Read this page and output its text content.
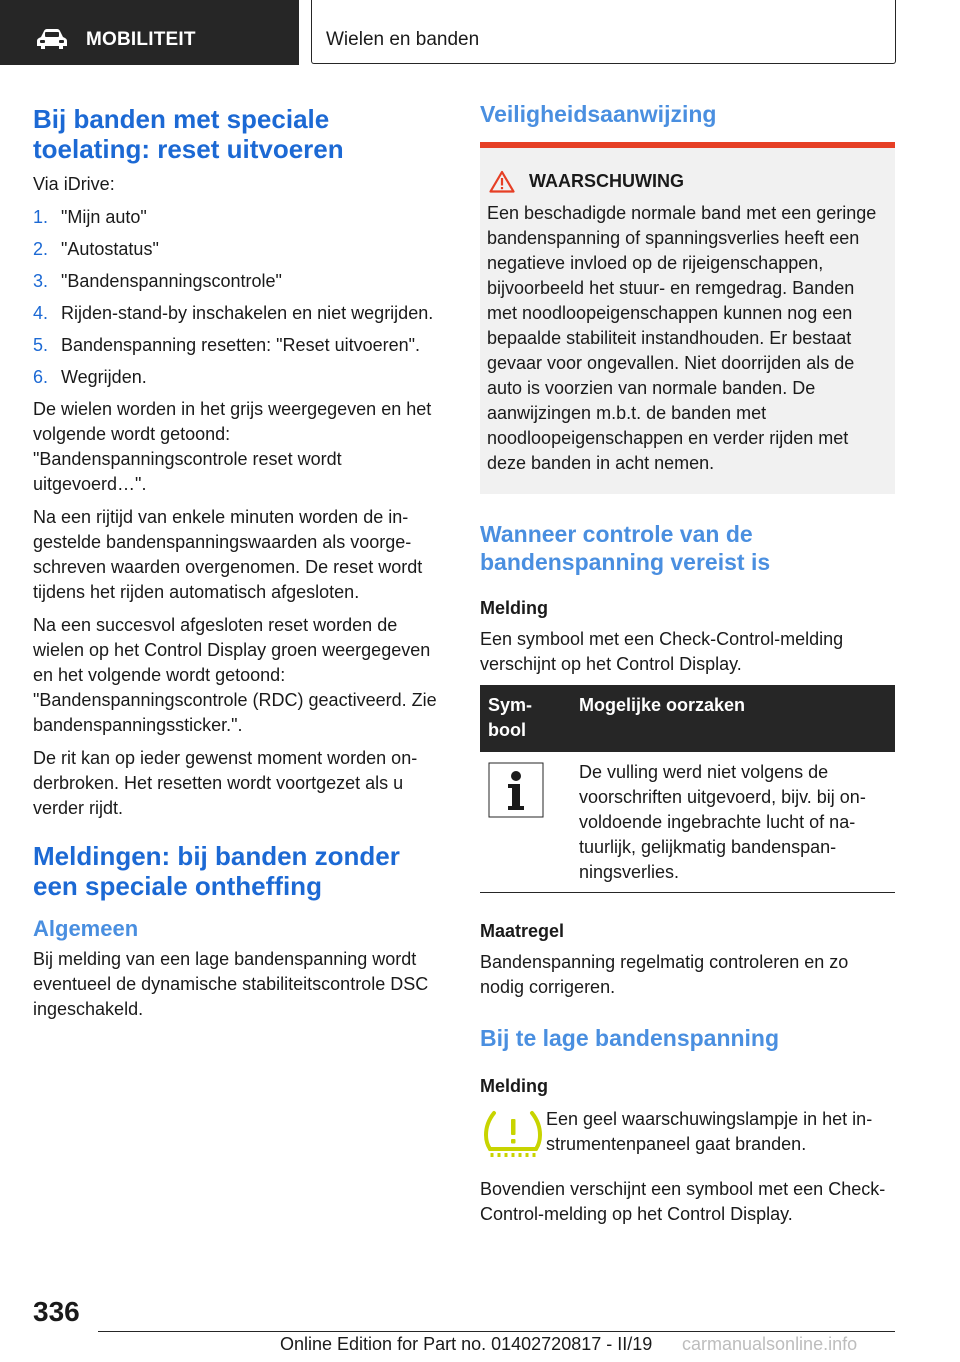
MOBILITEIT	Wielen en banden
Bij banden met speciale toelating: reset uitvoeren

Via iDrive:

1. "Mijn auto"
2. "Autostatus"
3. "Bandenspanningscontrole"
4. Rijden-stand-by inschakelen en niet wegrijden.
5. Bandenspanning resetten: "Reset uitvoeren".
6. Wegrijden.

De wielen worden in het grijs weergegeven en het volgende wordt getoond: "Bandenspanningscontrole reset wordt uitgevoerd…".

Na een rijtijd van enkele minuten worden de ingestelde bandenspanningswaarden als voorgeschreven waarden overgenomen. De reset wordt tijdens het rijden automatisch afgesloten.

Na een succesvol afgesloten reset worden de wielen op het Control Display groen weergegeven en het volgende wordt getoond: "Bandenspanningscontrole (RDC) geactiveerd. Zie bandenspanningssticker.".

De rit kan op ieder gewenst moment worden onderbroken. Het resetten wordt voortgezet als u verder rijdt.

Meldingen: bij banden zonder een speciale ontheffing
Algemeen

Bij melding van een lage bandenspanning wordt eventueel de dynamische stabiliteitscontrole DSC ingeschakeld.

Veiligheidsaanwijzing
WAARSCHUWING

Een beschadigde normale band met een geringe bandenspanning of spanningsverlies heeft een negatieve invloed op de rijeigenschappen, bijvoorbeeld het stuur- en remgedrag. Banden met noodloopeigenschappen kunnen nog een bepaalde stabiliteit instandhouden. Er bestaat gevaar voor ongevallen. Niet doorrijden als de auto is voorzien van normale banden. De aanwijzingen m.b.t. de banden met noodloopeigenschappen en verder rijden met deze banden in acht nemen.

Wanneer controle van de bandenspanning vereist is

Melding

Een symbool met een Check-Control-melding verschijnt op het Control Display.

Symbool	Mogelijke oorzaken
	De vulling werd niet volgens de voorschriften uitgevoerd, bijv. bij onvoldoende ingebrachte lucht of natuurlijk, gelijkmatig bandenspanningsverlies.

Maatregel

Bandenspanning regelmatig controleren en zo nodig corrigeren.

Bij te lage bandenspanning

Melding

Een geel waarschuwingslampje in het instrumentenpaneel gaat branden.

Bovendien verschijnt een symbool met een Check-Control-melding op het Control Display.

336
Online Edition for Part no. 01402720817 - II/19 carmanualsonline.info
